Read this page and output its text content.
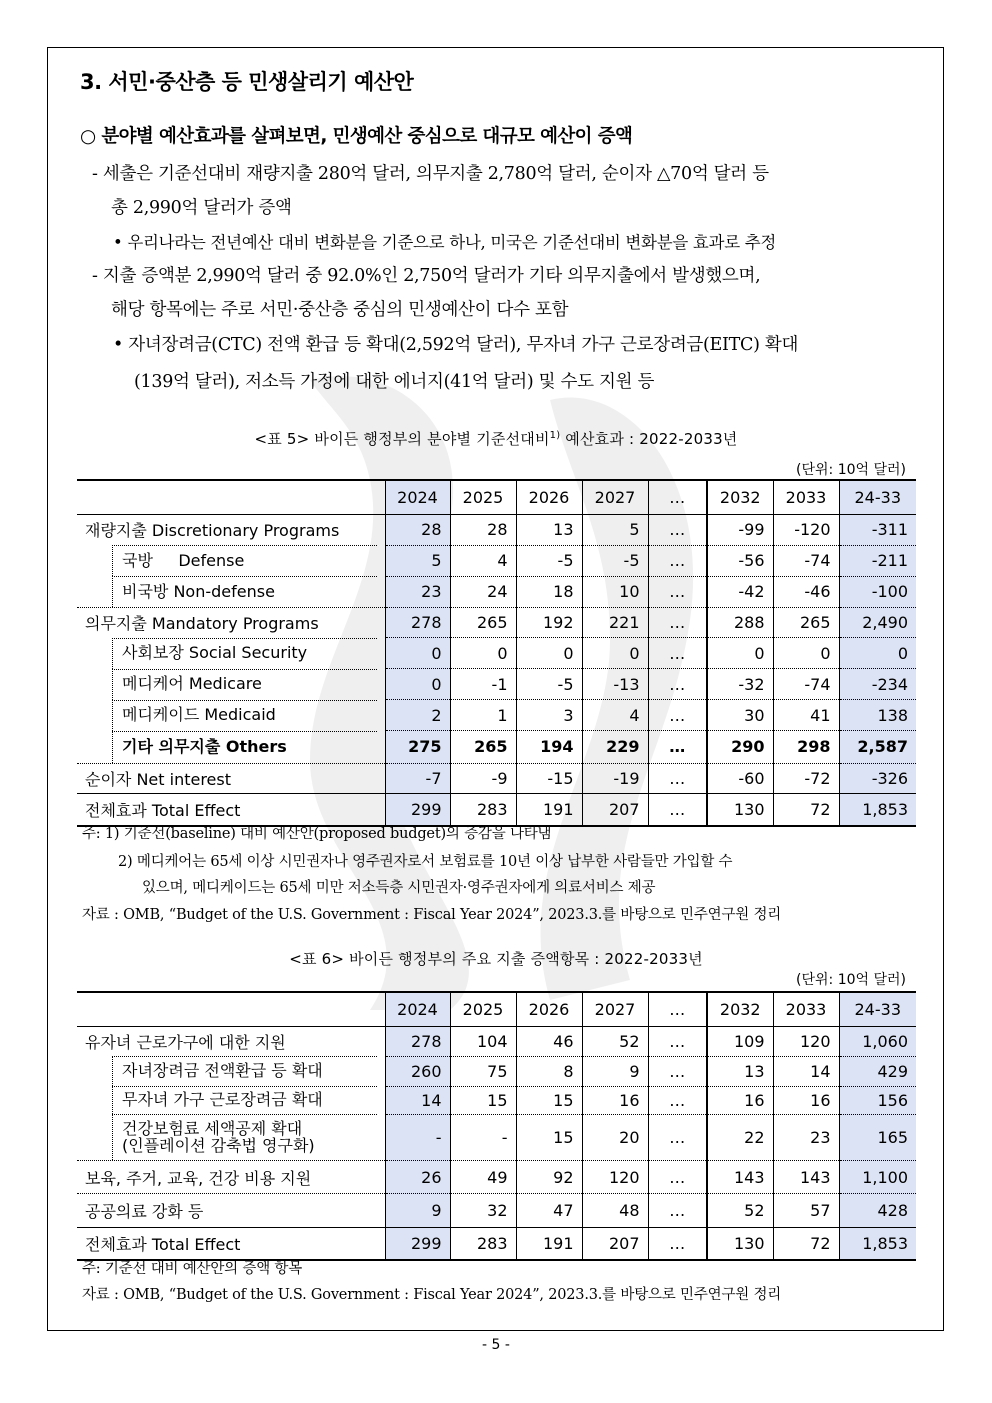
3. 서민·중산층 등 민생살리기 예산안
○ 분야별 예산효과를 살펴보면, 민생예산 중심으로 대규모 예산이 증액
- 세출은 기준선대비 재량지출 280억 달러, 의무지출 2,780억 달러, 순이자 △70억 달러 등
총 2,990억 달러가 증액
• 우리나라는 전년예산 대비 변화분을 기준으로 하나, 미국은 기준선대비 변화분을 효과로 추정
- 지출 증액분 2,990억 달러 중 92.0%인 2,750억 달러가 기타 의무지출에서 발생했으며,
해당 항목에는 주로 서민·중산층 중심의 민생예산이 다수 포함
• 자녀장려금(CTC) 전액 환급 등 확대(2,592억 달러), 무자녀 가구 근로장려금(EITC) 확대
(139억 달러), 저소득 가정에 대한 에너지(41억 달러) 및 수도 지원 등
<표 5> 바이든 행정부의 분야별 기준선대비$^{1)}$ 예산효과 : 2022-2033년
(단위: 10억 달러)
	2024	2025	2026	2027	…	2032	2033	24-33
재량지출 Discretionary Programs	28	28	13	5	…	-99	-120	-311

국방     Defense	5	4	-5	-5	…	-56	-74	-211

비국방 Non-defense	23	24	18	10	…	-42	-46	-100
의무지출 Mandatory Programs	278	265	192	221	…	288	265	2,490

사회보장 Social Security	0	0	0	0	…	0	0	0

메디케어 Medicare	0	-1	-5	-13	…	-32	-74	-234

메디케이드 Medicaid	2	1	3	4	…	30	41	138

기타 의무지출 Others	275	265	194	229	…	290	298	2,587
순이자 Net interest	-7	-9	-15	-19	…	-60	-72	-326
전체효과 Total Effect	299	283	191	207	…	130	72	1,853
주: 1) 기준선(baseline) 대비 예산안(proposed budget)의 증감을 나타냄
2) 메디케어는 65세 이상 시민권자나 영주권자로서 보험료를 10년 이상 납부한 사람들만 가입할 수
있으며, 메디케이드는 65세 미만 저소득층 시민권자·영주권자에게 의료서비스 제공
자료 : OMB, “Budget of the U.S. Government : Fiscal Year 2024”, 2023.3.를 바탕으로 민주연구원 정리
<표 6> 바이든 행정부의 주요 지출 증액항목 : 2022-2033년
(단위: 10억 달러)
	2024	2025	2026	2027	…	2032	2033	24-33
유자녀 근로가구에 대한 지원	278	104	46	52	…	109	120	1,060

자녀장려금 전액환급 등 확대	260	75	8	9	…	13	14	429

무자녀 가구 근로장려금 확대	14	15	15	16	…	16	16	156

건강보험료 세액공제 확대
(인플레이션 감축법 영구화)	-	-	15	20	…	22	23	165
보육, 주거, 교육, 건강 비용 지원	26	49	92	120	…	143	143	1,100
공공의료 강화 등	9	32	47	48	…	52	57	428
전체효과 Total Effect	299	283	191	207	…	130	72	1,853
주: 기준선 대비 예산안의 증액 항목
자료 : OMB, “Budget of the U.S. Government : Fiscal Year 2024”, 2023.3.를 바탕으로 민주연구원 정리
- 5 -
